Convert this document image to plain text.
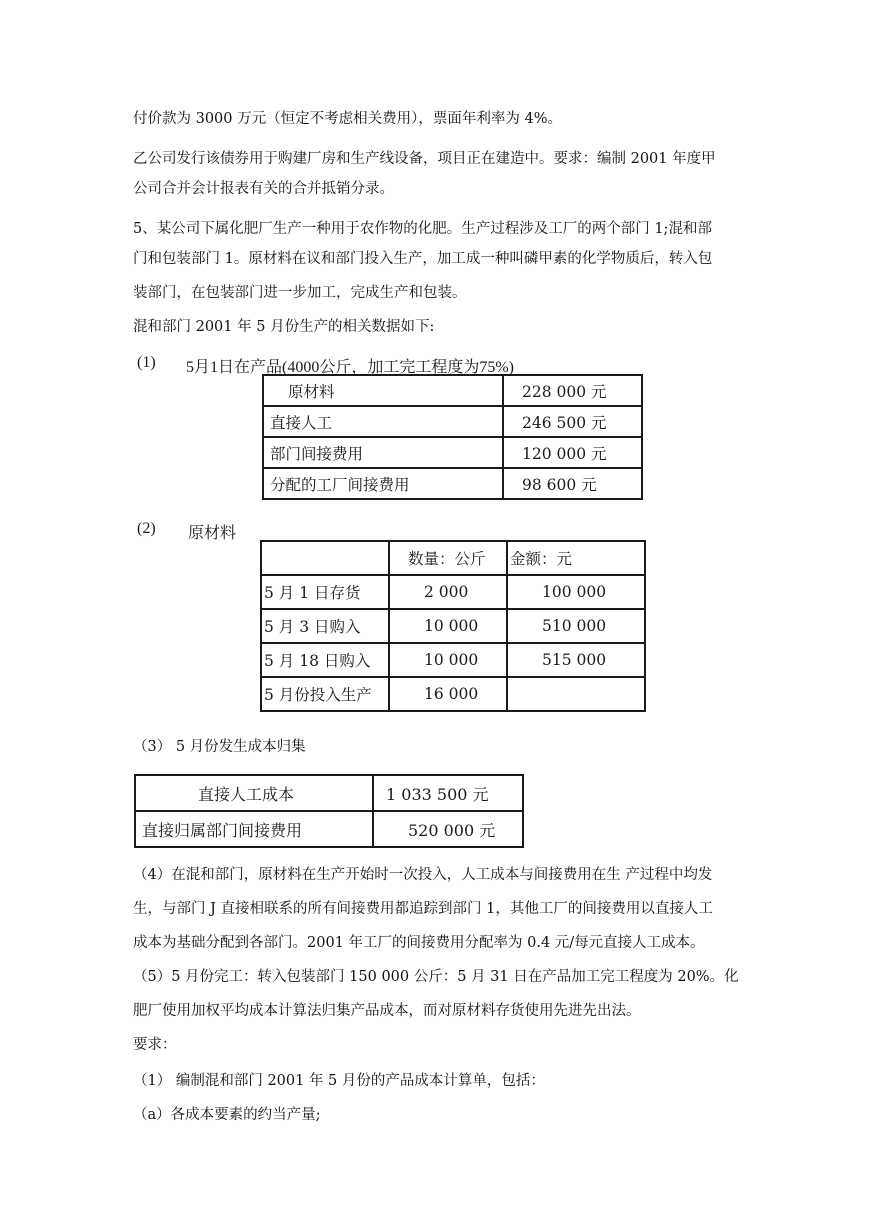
付价款为 3000 万元（恒定不考虑相关费用），票面年利率为 4%。
乙公司发行该债券用于购建厂房和生产线设备，项目正在建造中。要求：编制 2001 年度甲
公司合并会计报表有关的合并抵销分录。
5、某公司下属化肥厂生产一种用于农作物的化肥。生产过程涉及工厂的两个部门 1;混和部
门和包装部门 1。原材料在议和部门投入生产，加工成一种叫磷甲素的化学物质后，转入包
装部门，在包装部门进一步加工，完成生产和包装。
混和部门 2001 年 5 月份生产的相关数据如下:
(1) 5月1日在产品(4000公斤，加工完工程度为75%)
原材料	228 000 元
直接人工	246 500 元
部门间接费用	120 000 元
分配的工厂间接费用	98 600 元
(2) 原材料
	数量：公斤	金额：元
5 月 1 日存货	2 000	100 000
5 月 3 日购入	10 000	510 000
5 月 18 日购入	10 000	515 000
5 月份投入生产	16 000	
（3） 5 月份发生成本归集
直接人工成本	1 033 500 元
直接归属部门间接费用	520 000 元
（4）在混和部门，原材料在生产开始时一次投入，人工成本与间接费用在生 产过程中均发
生，与部门 J 直接相联系的所有间接费用都追踪到部门 1，其他工厂的间接费用以直接人工
成本为基础分配到各部门。2001 年工厂的间接费用分配率为 0.4 元/每元直接人工成本。
（5）5 月份完工：转入包装部门 150 000 公斤：5 月 31 日在产品加工完工程度为 20%。化
肥厂使用加权平均成本计算法归集产品成本，而对原材料存货使用先进先出法。
要求：
（1） 编制混和部门 2001 年 5 月份的产品成本计算单，包括：
（a）各成本要素的约当产量;
